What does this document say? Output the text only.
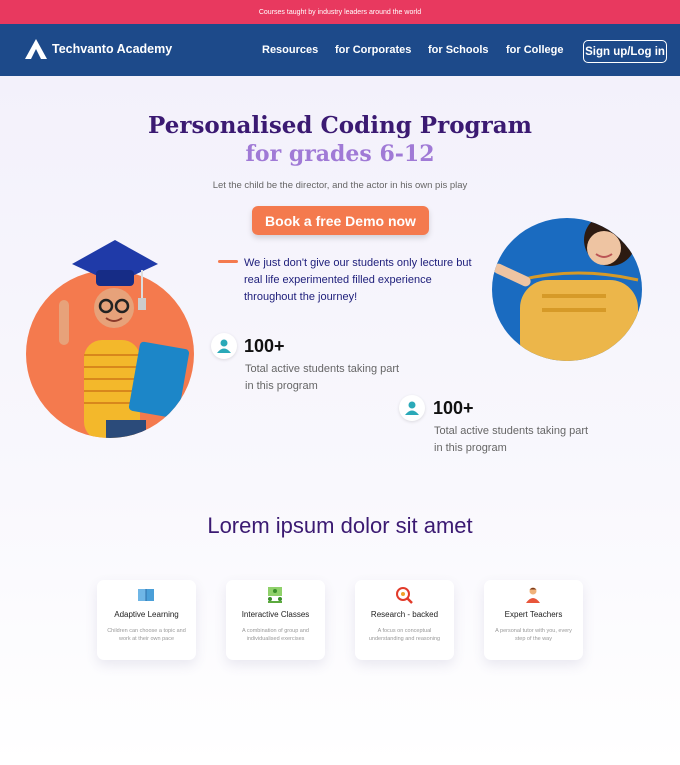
Courses taught by industry leaders around the world
Techvanto Academy	Resources for Corporates for Schools for College Sign up/Log in
Personalised Coding Program
for grades 6-12
Let the child be the director, and the actor in his own pis play
Book a free Demo now
We just don't give our students only lecture but real life experimented filled experience throughout the journey!
100+
Total active students taking part in this program
100+
Total active students taking part in this program
Lorem ipsum dolor sit amet
Adaptive Learning
Children can choose a topic and work at their own pace
Interactive Classes
A combination of group and individualised exercises
Research - backed
A focus on conceptual understanding and reasoning
Expert Teachers
A personal tutor with you, every step of the way
